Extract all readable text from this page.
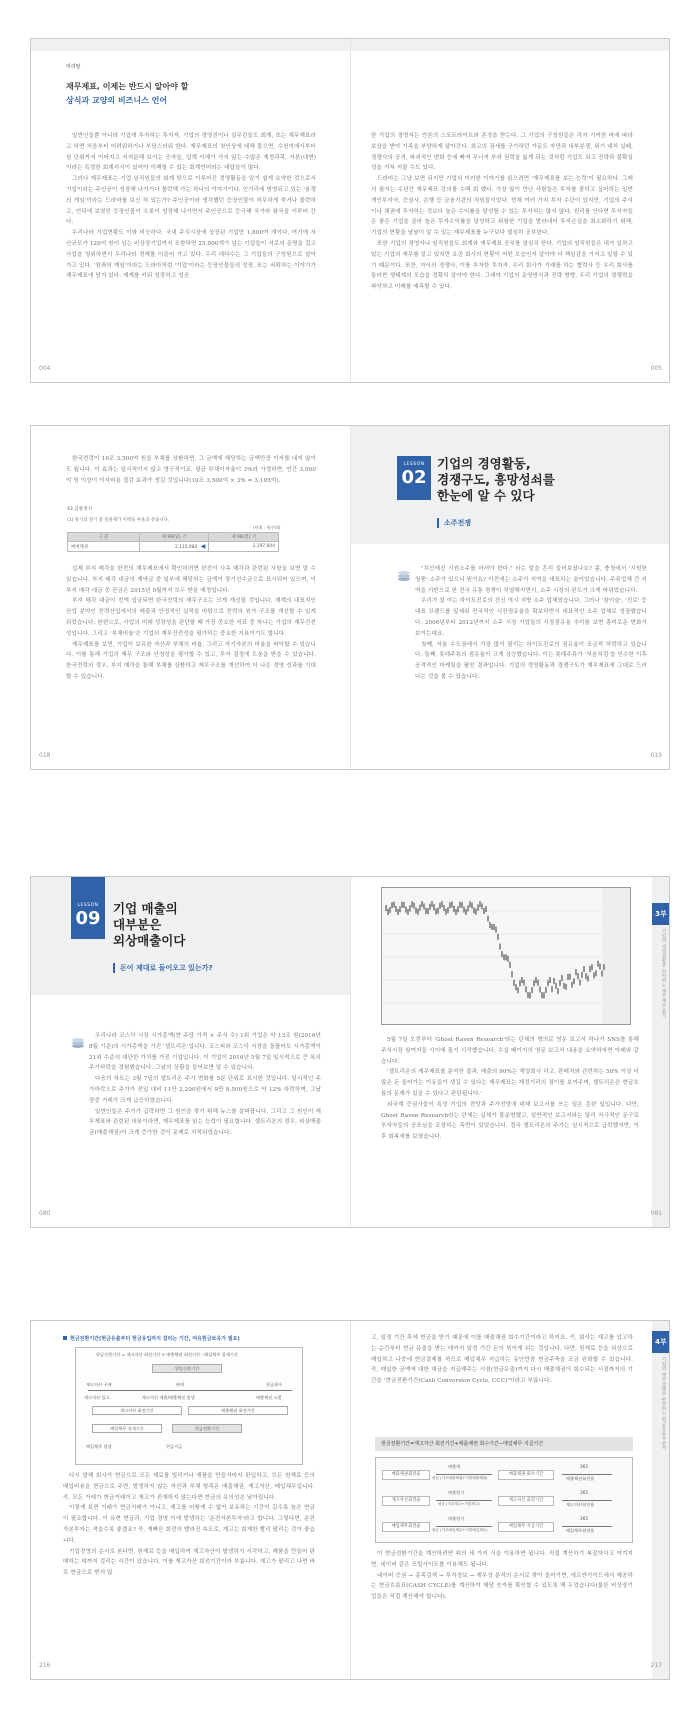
머리말
재무제표, 이제는 반드시 알아야 할
상식과 교양의 비즈니스 언어

일반인들뿐 아니라 기업에 투자하는 투자자, 기업의 경영진이나 실무진들도 회계, 또는 재무제표라고 하면 처음부터 어려워하거나 부담스러워 한다. 재무제표의 첫인상에 대해 물으면, 수천억에서부터 원 단위까지 이어지고 지저분해 보이는 숫자들, 업계 이해가 가지 않는 수많은 계정과목, 자본(대변)이라는 특정한 회계지식이 있어야 이해할 수 있는 회계언어라는 대답들이 많다.

그러나 재무제표는 기업 임직원들의 회계 탓으로 이루어진 경영활동을 알기 쉽게 요약한 것으로서 기업이라는 주인공이 성장해 나가거나 몰락해 가는 하나의 이야기이다. 인기리에 방영되고 있는 '용쟁의 게임'이라는 드라마를 보신 적 있는가? 주인공이라 생각했던 등장인물이 허무하게 죽거나 몰락하고, 언덕에 보였던 등장인물이 오롯이 성장해 나가면서 주인공으로 등극해 국가와 왕국을 이루어 간다.

우리나라 기업현황도 이와 비슷하다. 국내 주식시장에 상장된 기업만 1,800여 개이다. 여기에 자산규모가 120억 원이 넘는 비상장기업까지 포함하면 25,000개가 넘는 기업들이 서로의 운명을 걸고 사업을 영위하면서 우리나라 경제를 이끌어 가고 있다. 우리 대다수는 그 기업들의 구성원으로 살아가고 있다. '왕좌의 게임'이라는 드라마처럼 '기업'이라는 등장인물들의 성장, 또는 쇠퇴하는 이야기가 재무제표에 담겨 있다. 재계를 키워 성장하고 성공

004

한 기업의 경영자는 언론의 스포트라이트와 존경을 받는다. 그 기업의 구성원들은 각자 기여한 바에 따라 보상을 받아 가족을 부양하게 살아간다. 최고의 권세를 구가하던 가문도 자만과 내부분쟁, 위기 대처 실패, 경쟁사의 공격, 파괴적인 변화 등에 빠져 무너져 부와 권력을 잃게 되는 것처럼 기업도 되고 전략과 불확실성을 거쳐 저물 수도 있다.

드라마는 그냥 보면 되지만 기업의 이러한 이야기를 읽으려면 '재무제표를 보는 능력'이 필요하다. 그래서 필자는 수년간 재무제표 강의를 수백 회 했다. 가장 많이 만난 사람들은 투자를 잘하고 싶어하는 일반 개인투자자, 증권사, 은행 등 금융기관의 직원들이었다. 현재 여러 가지 투자 수단이 있지만, 기업의 주식이나 채권에 투자하는 것보다 높은 수익률을 달성할 수 있는 투자처는 많지 않다. 원리를 안다면 투자자들은 좋은 기업을 골라 높은 투자수익률을 달성하고 위험한 기업을 발라내어 투자손실을 최소화하기 위해, 기업의 현황을 날날이 알 수 있는 재무제표를 누구보다 열심히 공부한다.

또한 기업의 경영자나 임직원들도 회계와 재무제표 공부를 열심히 한다. 기업의 임직원들은 내가 일하고 있는 기업의 재무를 알고 있지만 요즘 회사의 현황이 어떤 모습인지 알아야 더 책임감을 가지고 일할 수 있기 때문이다. 또한, 자사의 경쟁사, 이를 투자한 투자자, 우리 회사가 거래를 하는 협력사 등 우리 회사를 둘러싼 생태계의 모습을 정확히 알아야 한다. 그래야 기업의 운영방식과 전략 방향, 우리 기업의 경쟁력을 파악하고 미래를 예측할 수 있다.

005

한국전력이 10조 3,500억 원을 부채를 상환하면, 그 금액에 해당하는 금액만큼 이자를 내지 않아도 됩니다. 이 효과는 일시적이지 않고 영구적이죠. 평균 부채이자율이 3%라 가정하면, 연간 3,000억 원 이상이 이자비용 절감 효과가 생길 것입니다(10조 3,500억 × 3% = 3,105억).

43 감풀정지
(1) 당기의 전기 중 실풀계가 이액을 아울과 같습니다.
(단위 : 원건외)
구 분	제 99(당) 기	제 98(전) 기
매매채권	2,115,984 ◀	2,197,604

실제 부지 매각을 한전의 재무제표에서 확인하려면 한전이 사옥 매각과 관련된 사항을 보면 알 수 있습니다. 부지 매각 대금의 계약금 중 일부에 해당하는 금액이 장기선수금으로 표시되어 있으며, 이 부지 매각 대금 중 잔금은 2015년 9월까지 모두 받을 예정입니다.

부지 매각 대금이 전액 입금되면 한국전력의 재무구조는 크게 개선될 것입니다. 재계의 대표적인 산업 분야인 전력산업에서의 매출과 안정적인 실적을 바탕으로 전력의 원가 구조를 개선할 수 있게 되었습니다. 한편으로, 사업의 미래 성장성을 판단할 때 가장 중요한 지표 중 하나는 기업의 재무건전성입니다. 그리고 '부채비율'은 기업의 재무건전성을 평가하는 중요한 지표이기도 합니다.

재무제표를 보면, 기업이 보유한 자산과 부채의 비율, 그리고 자기자본의 비율을 파악할 수 있습니다. 이를 통해 기업의 재무 구조와 안정성을 평가할 수 있고, 투자 결정에 도움을 받을 수 있습니다. 한국전력의 경우, 부지 매각을 통해 부채를 상환하고 재무구조를 개선하여 더 나은 경영 성과를 기대할 수 있습니다.

018
LESSON
02
기업의 경영활동,
경쟁구도, 흥망성쇠를
한눈에 알 수 있다
소주전쟁

"부산에선 시원소주를 마셔야 한다." 라는 말을 흔히 들어보셨나요? 좀, 충청에서 '시원한 청풍' 소주가 있으니 뭔가요? 이전에는 소주가 지역을 대표하는 술이었습니다. 주류업체 간 지역을 기반으로 한 전국 유통 경쟁이 치열해지면서, 소주 시장의 판도가 크게 바뀌었습니다.

우리가 잘 아는 하이트진로의 전신 역시 지방 소주 업체였습니다. 그러나 '참이슬', '진로' 등 대표 브랜드를 앞세워 전국적인 시장점유율을 확보하면서 대표적인 소주 업체로 성장했습니다. 2006년부터 2012년까지 소주 시장 기업들의 시장점유율 추이를 보면 흥미로운 변화가 보이는데요.

첫째, 서울 수도권에서 가장 많이 팔리는 하이트진로의 점유율이 조금씩 하락하고 있습니다. 둘째, 롯데주류의 점유율이 크게 상승했습니다. 이는 롯데주류가 '처음처럼'을 인수한 이후 공격적인 마케팅을 펼친 결과입니다. 기업의 경영활동과 경쟁구도가 재무제표에 그대로 드러나는 것을 볼 수 있습니다.

019
LESSON
09 기업 매출의
대부분은
외상매출이다
돈이 제대로 들어오고 있는가?

우리나라 코스닥 시장 시가총액(현 주당 가격 × 주식 수) 1위 기업은 약 13조 원(2016년 8월 기준)의 시가총액을 가진 '셀트리온'입니다. 코스피와 코스닥 시장을 통틀어도 시가총액이 21위 수준의 대단한 가치를 가진 기업입니다. 이 기업이 2016년 5월 7일 일시적으로 큰 폭의 주가하락을 경험했습니다. 그날의 상황을 들어보면 알 수 있습니다.

다음의 차트는 3월 7일의 셀트리온 주가 변화를 5분 단위로 표시한 것입니다. 일시적인 주가하락으로 주가가 전일 대비 11만 2,200원에서 9만 8,500원으로 약 12% 하락하며, 그날 장중 거래가 크게 급증하였습니다.

일반인들은 주가가 급락하면 그 원인을 찾기 위해 뉴스를 살펴봅니다. 그리고 그 원인이 재무제표와 관련된 내용이라면, 재무제표를 읽는 능력이 필요합니다. 셀트리온의 경우, 외상매출금(매출채권)이 크게 증가한 것이 문제로 지적되었습니다.

080
3부
기업의 경영상황을 파악하는 재무제표 분석

5월 7일 오전부터 'Ghost Raven Research'라는 단체의 명의로 영문 보고서 하나가 SNS를 통해 주식시장 참여자들 사이에 돌기 시작했습니다. 수십 페이지의 영문 보고서 내용을 요약하자면 아래와 같습니다.

'셀트리온의 재무제표를 분석한 결과, 매출의 90%는 계열회사 하고, 판매처와 관련하는 50% 이상 더 많은 돈 들어가는 이유들이 생길 수 있다는 재무제표는 재정거리의 점이를 보여주며, 셀트리온은 현금흐름의 문제가 있을 수 있다고 판단됩니다.'

외국계 증권사들이 특정 기업의 전망과 주가전망에 대해 보고서를 쓰는 일은 흔한 일입니다. 다만, Ghost Raven Research라는 단체는 실체가 불분명했고, 일반적인 보고서와는 달리 자극적인 문구로 투자자들의 공포심을 조장하는 측면이 있었습니다. 결국 셀트리온의 주가는 일시적으로 급락했지만, 이후 회복세를 보였습니다.

081
현금전환기간(현금유출부터 현금유입까지 걸리는 기간, 여유현금보유가 필요)
현금순환기간 = 재고자산 회전기간 + 매출채권 회전기간 - 매입채무 결제기간
영업순환기간
재고자산 구매	판매	현금회수
재고자산 입고	재고자산 매출/매출채권 발생	매출채권 소멸
재고자산 회전기간	매출채권 회전기간
매입채무 결제기간	현금전환기간
매입채무 발생	현금지급

다시 말해 회사가 현금으로 모든 재료를 빌리거나 재품을 만들자마자 판입하고, 모든 원재료 등의 매입비용을 현금으로 주면, 발생하지 않는 자산과 부채 항목은 매출채권, 재고자산, 매입채무입니다. 즉, 모든 거래가 현금거래이고 재고가 존재하지 않는다면 현금의 유의성은 낮아집니다.

이렇게 보면 거래가 현금거래가 아니고, 재고를 어떻게 수 없이 보유하는 기간이 길수록 높은 현금이 필요합니다. 이 유현 현금과, 기업 경영 이에 발생하는 '운전자본투자'라고 합니다. 그렇다면, 운전자본투자는 적을수록 좋겠죠? 즉, 재빠른 회전의 빨라진 속도로, 재고는 회재한 빨리 팔리는 것이 좋습니다.

기업경영의 순서로 본다면, 원재료 등을 매입하여 재고자산이 발생하기 시작하고, 제품을 만들어 판매하는 데까지 걸리는 시간이 있습니다. 이를 재고자산 회전기간이라 부릅니다. 재고가 팔리고 나면 바로 현금으로 받지 않

216
4부
기업의 재무상태를 판단하는 현금흐름표 분석

고, 일정 기간 후에 현금을 받기 때문에 이를 매출채권 회수기간이라고 하지요. 즉, 회사는 재고를 입고하는 순간부터 현금 유출을 받는 데까지 일정 기간 돈이 묶이게 되는 것입니다. 다만, 원재료 등을 외상으로 매입하고 나중에 현금결제를 하므로 매입채무 지급하는 동안만큼 현금주축을 조금 완화할 수 있습니다. 즉, 매입한 금액에 대한 대금을 지급해주는 시점(현금유출)까지 다시 매출채권이 회수되는 시점까지의 기간을 '현금전환기간(Cash Conversion Cycle, CCC)'이라고 부릅니다.

현금전환기간=재고자산 회전기간+매출채권 회수기간−매입채무 지급기간
매출채권회전율
매출액
평균 (기초매출채권+기말매출채권)
매출채권 회수기간
365
매출채권회전율
재고자산회전율
매출원가
평균 (기초재고+기말재고)
재고자산 회전기간
365
재고자산회전율
매입채무회전율
매출원가
평균 (기초매입채무+기말매입채무)
매입채무 지급기간
365
매입채무회전율

이 현금전환기간을 계산하려면 위의 세 가지 식을 이용하면 됩니다. 직접 계산하기 복잡하다고 여겨지면, 네이버 같은 포털사이트를 이용해도 됩니다.

네이버 증권 → 종목검색 → 투자정보 → 재무상 분석의 순서로 찾아 들어가면, 에프엔가이드에서 제공하는 현금흐름표(CASH CYCLE)를 계산하여 해당 숫자를 확인할 수 있도록 해 두었습니다(물론 비상장기업들은 직접 계산해야 합니다).

217
